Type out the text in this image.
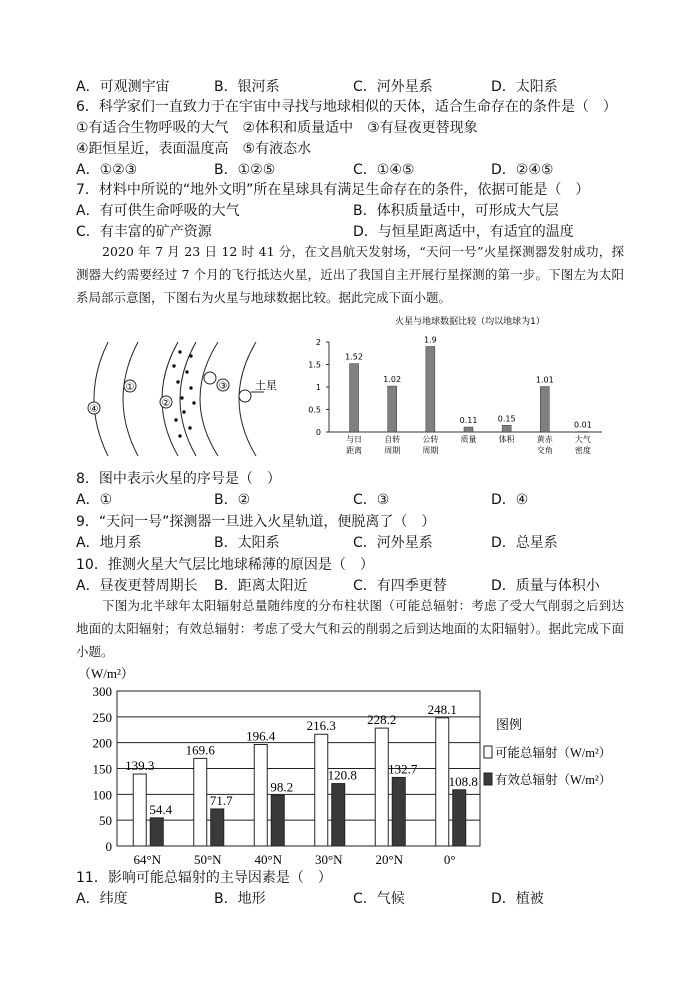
A．可观测宇宙	B．银河系	C．河外星系	D．太阳系
6．科学家们一直致力于在宇宙中寻找与地球相似的天体，适合生命存在的条件是（　）
①有适合生物呼吸的大气　②体积和质量适中　③有昼夜更替现象
④距恒星近，表面温度高　⑤有液态水
A．①②③	B．①②⑤	C．①④⑤	D．②④⑤
7．材料中所说的“地外文明”所在星球具有满足生命存在的条件，依据可能是（　）
A．有可供生命呼吸的大气	B．体积质量适中，可形成大气层
C．有丰富的矿产资源	D．与恒星距离适中，有适宜的温度
2020 年 7 月 23 日 12 时 41 分，在文昌航天发射场，“天问一号”火星探测器发射成功，探测器大约需要经过 7 个月的飞行抵达火星，近出了我国自主开展行星探测的第一步。下图左为太阳系局部示意图，下图右为火星与地球数据比较。据此完成下面小题。
④
①
②
③	土星
火星与地球数据比较（均以地球为1）
0
0.5
1
1.5
2
1.52
与日
距离
1.02
自转
周期
1.9
公转
周期
0.11
质量
0.15
体积
1.01
黄赤
交角
0.01
大气
密度
8．图中表示火星的序号是（　）
A．①	B．②	C．③	D．④
9．“天问一号”探测器一旦进入火星轨道，便脱离了（　）
A．地月系	B．太阳系	C．河外星系	D．总星系
10．推测火星大气层比地球稀薄的原因是（　）
A．昼夜更替周期长 B．距离太阳近	C．有四季更替	D．质量与体积小
下图为北半球年太阳辐射总量随纬度的分布柱状图（可能总辐射：考虑了受大气削弱之后到达地面的太阳辐射；有效总辐射：考虑了受大气和云的削弱之后到达地面的太阳辐射）。据此完成下面小题。
（W/m²）
0
50
100
150
200
250
300
139.3
54.4
64°N
169.6
71.7
50°N
196.4
98.2
40°N
216.3
120.8
30°N
228.2
132.7
20°N
248.1
108.8
0°
图例
可能总辐射（W/m²）
有效总辐射（W/m²）
11．影响可能总辐射的主导因素是（　）
A．纬度	B．地形	C．气候	D．植被
